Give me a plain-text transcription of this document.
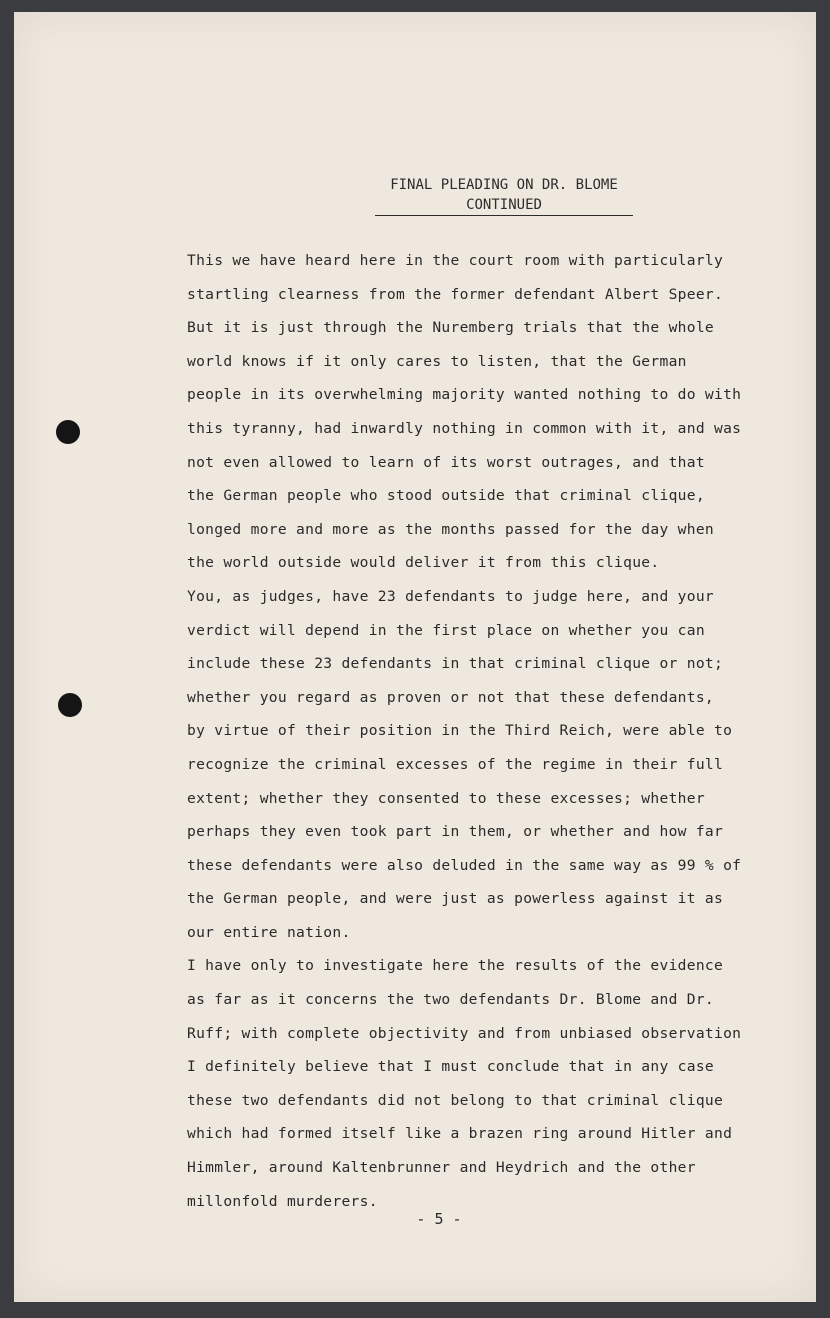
FINAL PLEADING ON DR. BLOME
CONTINUED
This we have heard here in the court room with particularly
startling clearness from the former defendant Albert Speer.
But it is just through the Nuremberg trials that the whole
world knows if it only cares to listen, that the German
people in its overwhelming majority wanted nothing to do with
this tyranny, had inwardly nothing in common with it, and was
not even allowed to learn of its worst outrages, and that
the German people who stood outside that criminal clique,
longed more and more as the months passed for the day when
the world outside would deliver it from this clique.
You, as judges, have 23 defendants to judge here, and your
verdict will depend in the first place on whether you can
include these 23 defendants in that criminal clique or not;
whether you regard as proven or not that these defendants,
by virtue of their position in the Third Reich, were able to
recognize the criminal excesses of the regime in their full
extent; whether they consented to these excesses; whether
perhaps they even took part in them, or whether and how far
these defendants were also deluded in the same way as 99 % of
the German people, and were just as powerless against it as
our entire nation.
I have only to investigate here the results of the evidence
as far as it concerns the two defendants Dr. Blome and Dr.
Ruff; with complete objectivity and from unbiased observation
I definitely believe that I must conclude that in any case
these two defendants did not belong to that criminal clique
which had formed itself like a brazen ring around Hitler and
Himmler, around Kaltenbrunner and Heydrich and the other
millonfold murderers.
- 5 -
